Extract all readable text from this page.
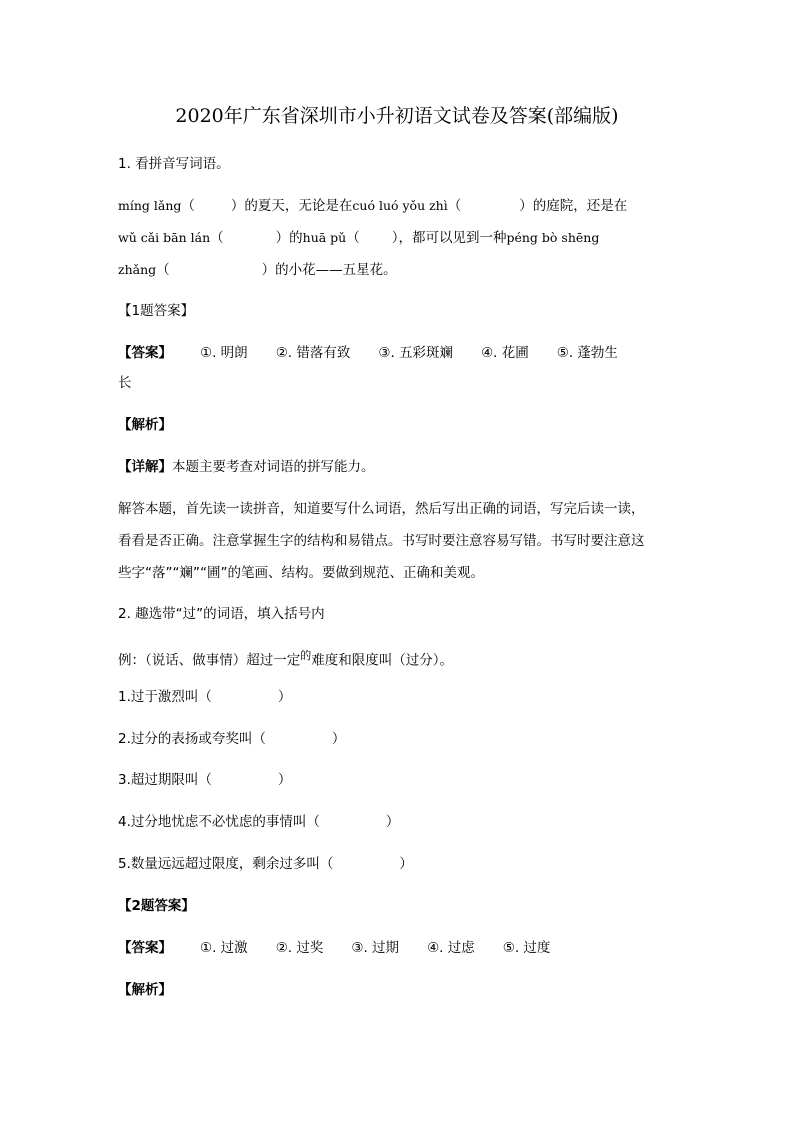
2020年广东省深圳市小升初语文试卷及答案(部编版)
1. 看拼音写词语。
míng lǎng（	）的夏天，无论是在cuó luó yǒu zhì（	）的庭院，还是在
wǔ cǎi bān lán（	）的huā pǔ（ ），都可以见到一种péng bò shēng
zhǎng（	）的小花——五星花。
【1题答案】
【答案】 ①. 明朗 ②. 错落有致 ③. 五彩斑斓 ④. 花圃 ⑤. 蓬勃生
长
【解析】
【详解】本题主要考查对词语的拼写能力。
解答本题，首先读一读拼音，知道要写什么词语，然后写出正确的词语，写完后读一读，
看看是否正确。注意掌握生字的结构和易错点。书写时要注意容易写错。书写时要注意这
些字“落”“斓”“圃”的笔画、结构。要做到规范、正确和美观。
2. 趣选带“过”的词语，填入括号内
例：（说话、做事情）超过一定$^的$难度和限度叫（过分）。
1.过于激烈叫（	）
2.过分的表扬或夸奖叫（	）
3.超过期限叫（	）
4.过分地忧虑不必忧虑的事情叫（	）
5.数量远远超过限度，剩余过多叫（	）
【2题答案】
【答案】 ①. 过激 ②. 过奖 ③. 过期 ④. 过虑 ⑤. 过度
【解析】
